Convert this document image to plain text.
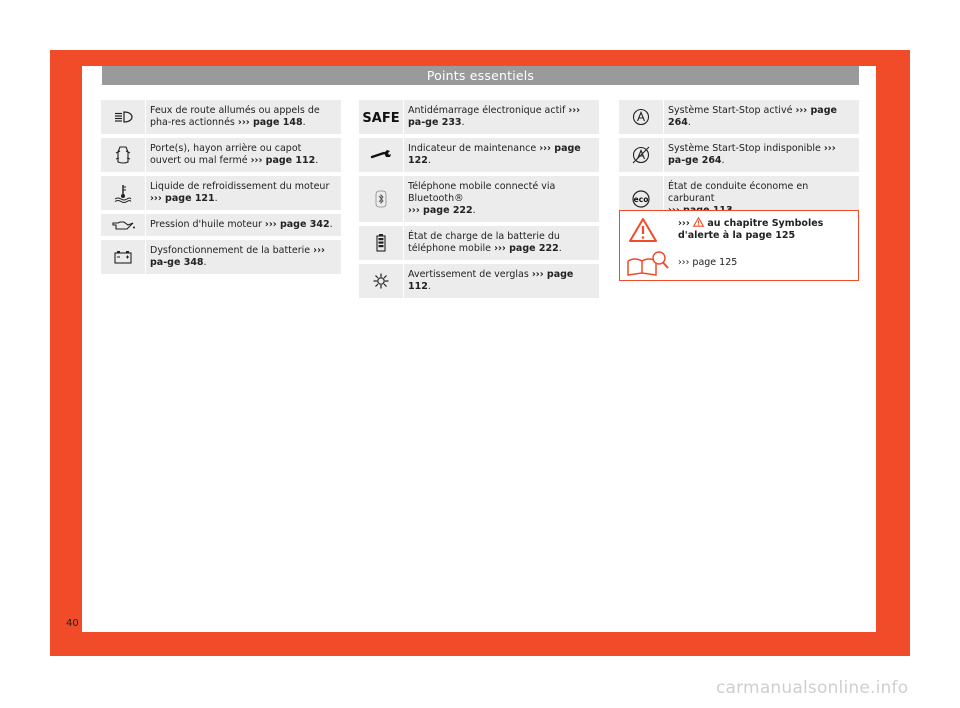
Points essentiels
Feux de route allumés ou appels de pha-res actionnés ››› page 148.
Porte(s), hayon arrière ou capot ouvert ou mal fermé ››› page 112.
Liquide de refroidissement du moteur
››› page 121.
Pression d'huile moteur ››› page 342.
Dysfonctionnement de la batterie ››› pa-ge 348.
SAFE
Antidémarrage électronique actif ››› pa-ge 233.
Indicateur de maintenance ››› page 122.
Téléphone mobile connecté via Bluetooth®
››› page 222.
État de charge de la batterie du téléphone mobile ››› page 222.
Avertissement de verglas ››› page 112.
Système Start-Stop activé ››› page 264.
Système Start-Stop indisponible ››› pa-ge 264.
eco
État de conduite économe en carburant

››› au chapitre Symboles d'alerte à la page 125
››› page 125
40
carmanualsonline.info
